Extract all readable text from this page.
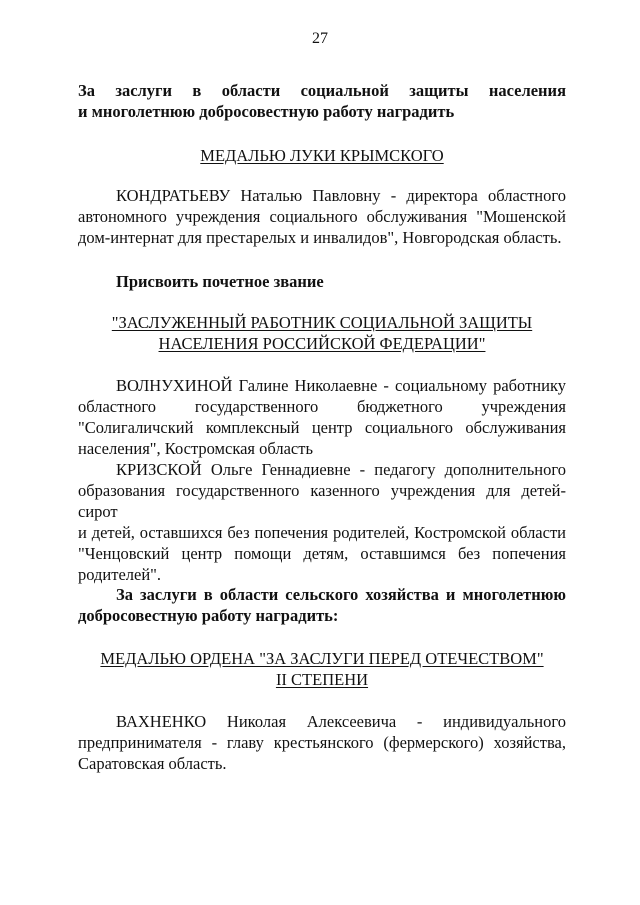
27
За заслуги в области социальной защиты населения
и многолетнюю добросовестную работу наградить
МЕДАЛЬЮ ЛУКИ КРЫМСКОГО
КОНДРАТЬЕВУ Наталью Павловну - директора областного
автономного учреждения социального обслуживания "Мошенской
дом-интернат для престарелых и инвалидов", Новгородская область.
Присвоить почетное звание
"ЗАСЛУЖЕННЫЙ РАБОТНИК СОЦИАЛЬНОЙ ЗАЩИТЫ
НАСЕЛЕНИЯ РОССИЙСКОЙ ФЕДЕРАЦИИ"
ВОЛНУХИНОЙ Галине Николаевне - социальному работнику
областного государственного бюджетного учреждения
"Солигаличский комплексный центр социального обслуживания
населения", Костромская область
КРИЗСКОЙ Ольге Геннадиевне - педагогу дополнительного
образования государственного казенного учреждения для детей-сирот
и детей, оставшихся без попечения родителей, Костромской области
"Ченцовский центр помощи детям, оставшимся без попечения
родителей".
За заслуги в области сельского хозяйства и многолетнюю
добросовестную работу наградить:
МЕДАЛЬЮ ОРДЕНА "ЗА ЗАСЛУГИ ПЕРЕД ОТЕЧЕСТВОМ"
II СТЕПЕНИ
ВАХНЕНКО Николая Алексеевича - индивидуального
предпринимателя - главу крестьянского (фермерского) хозяйства,
Саратовская область.
